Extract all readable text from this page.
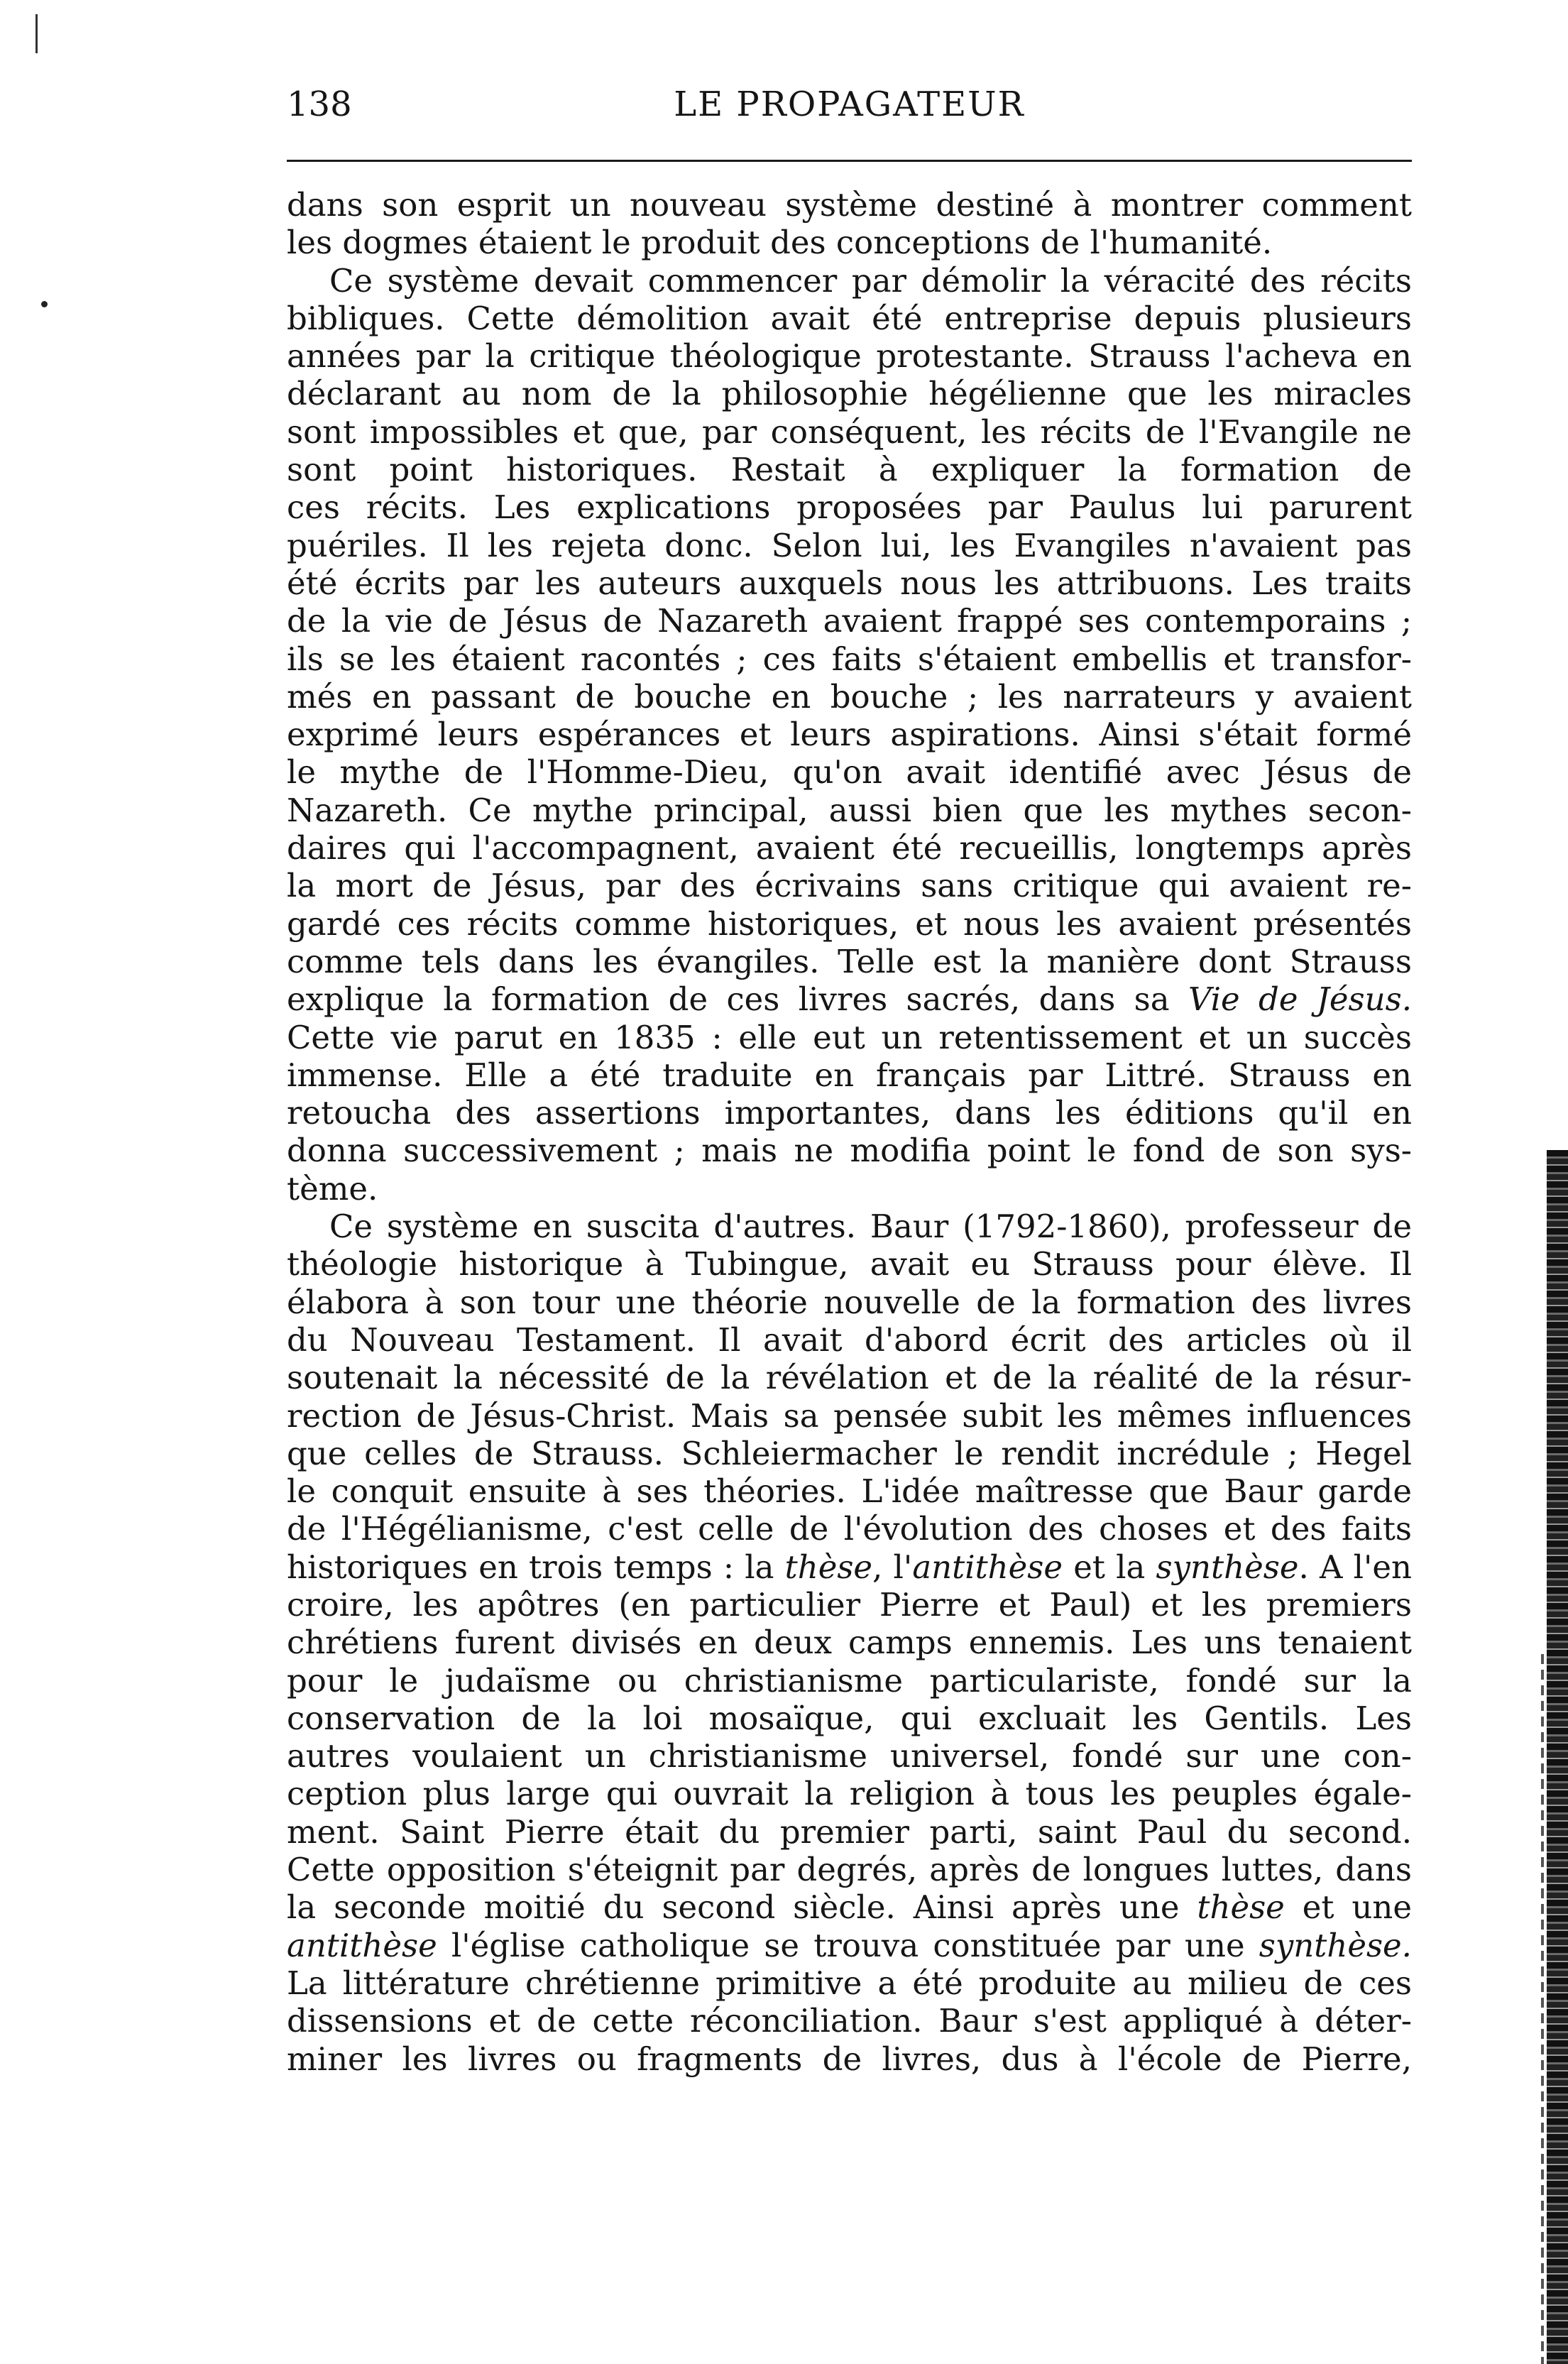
138	LE PROPAGATEUR
dans son esprit un nouveau système destiné à montrer comment
les dogmes étaient le produit des conceptions de l'humanité.
Ce système devait commencer par démolir la véracité des récits
bibliques. Cette démolition avait été entreprise depuis plusieurs
années par la critique théologique protestante. Strauss l'acheva en
déclarant au nom de la philosophie hégélienne que les miracles
sont impossibles et que, par conséquent, les récits de l'Evangile ne
sont point historiques. Restait à expliquer la formation de
ces récits. Les explications proposées par Paulus lui parurent
puériles. Il les rejeta donc. Selon lui, les Evangiles n'avaient pas
été écrits par les auteurs auxquels nous les attribuons. Les traits
de la vie de Jésus de Nazareth avaient frappé ses contemporains ;
ils se les étaient racontés ; ces faits s'étaient embellis et transfor-
més en passant de bouche en bouche ; les narrateurs y avaient
exprimé leurs espérances et leurs aspirations. Ainsi s'était formé
le mythe de l'Homme-Dieu, qu'on avait identifié avec Jésus de
Nazareth. Ce mythe principal, aussi bien que les mythes secon-
daires qui l'accompagnent, avaient été recueillis, longtemps après
la mort de Jésus, par des écrivains sans critique qui avaient re-
gardé ces récits comme historiques, et nous les avaient présentés
comme tels dans les évangiles. Telle est la manière dont Strauss
explique la formation de ces livres sacrés, dans sa Vie de Jésus.
Cette vie parut en 1835 : elle eut un retentissement et un succès
immense. Elle a été traduite en français par Littré. Strauss en
retoucha des assertions importantes, dans les éditions qu'il en
donna successivement ; mais ne modifia point le fond de son sys-
tème.
Ce système en suscita d'autres. Baur (1792-1860), professeur de
théologie historique à Tubingue, avait eu Strauss pour élève. Il
élabora à son tour une théorie nouvelle de la formation des livres
du Nouveau Testament. Il avait d'abord écrit des articles où il
soutenait la nécessité de la révélation et de la réalité de la résur-
rection de Jésus-Christ. Mais sa pensée subit les mêmes influences
que celles de Strauss. Schleiermacher le rendit incrédule ; Hegel
le conquit ensuite à ses théories. L'idée maîtresse que Baur garde
de l'Hégélianisme, c'est celle de l'évolution des choses et des faits
historiques en trois temps : la thèse, l'antithèse et la synthèse. A l'en
croire, les apôtres (en particulier Pierre et Paul) et les premiers
chrétiens furent divisés en deux camps ennemis. Les uns tenaient
pour le judaïsme ou christianisme particulariste, fondé sur la
conservation de la loi mosaïque, qui excluait les Gentils. Les
autres voulaient un christianisme universel, fondé sur une con-
ception plus large qui ouvrait la religion à tous les peuples égale-
ment. Saint Pierre était du premier parti, saint Paul du second.
Cette opposition s'éteignit par degrés, après de longues luttes, dans
la seconde moitié du second siècle. Ainsi après une thèse et une
antithèse l'église catholique se trouva constituée par une synthèse.
La littérature chrétienne primitive a été produite au milieu de ces
dissensions et de cette réconciliation. Baur s'est appliqué à déter-
miner les livres ou fragments de livres, dus à l'école de Pierre,
